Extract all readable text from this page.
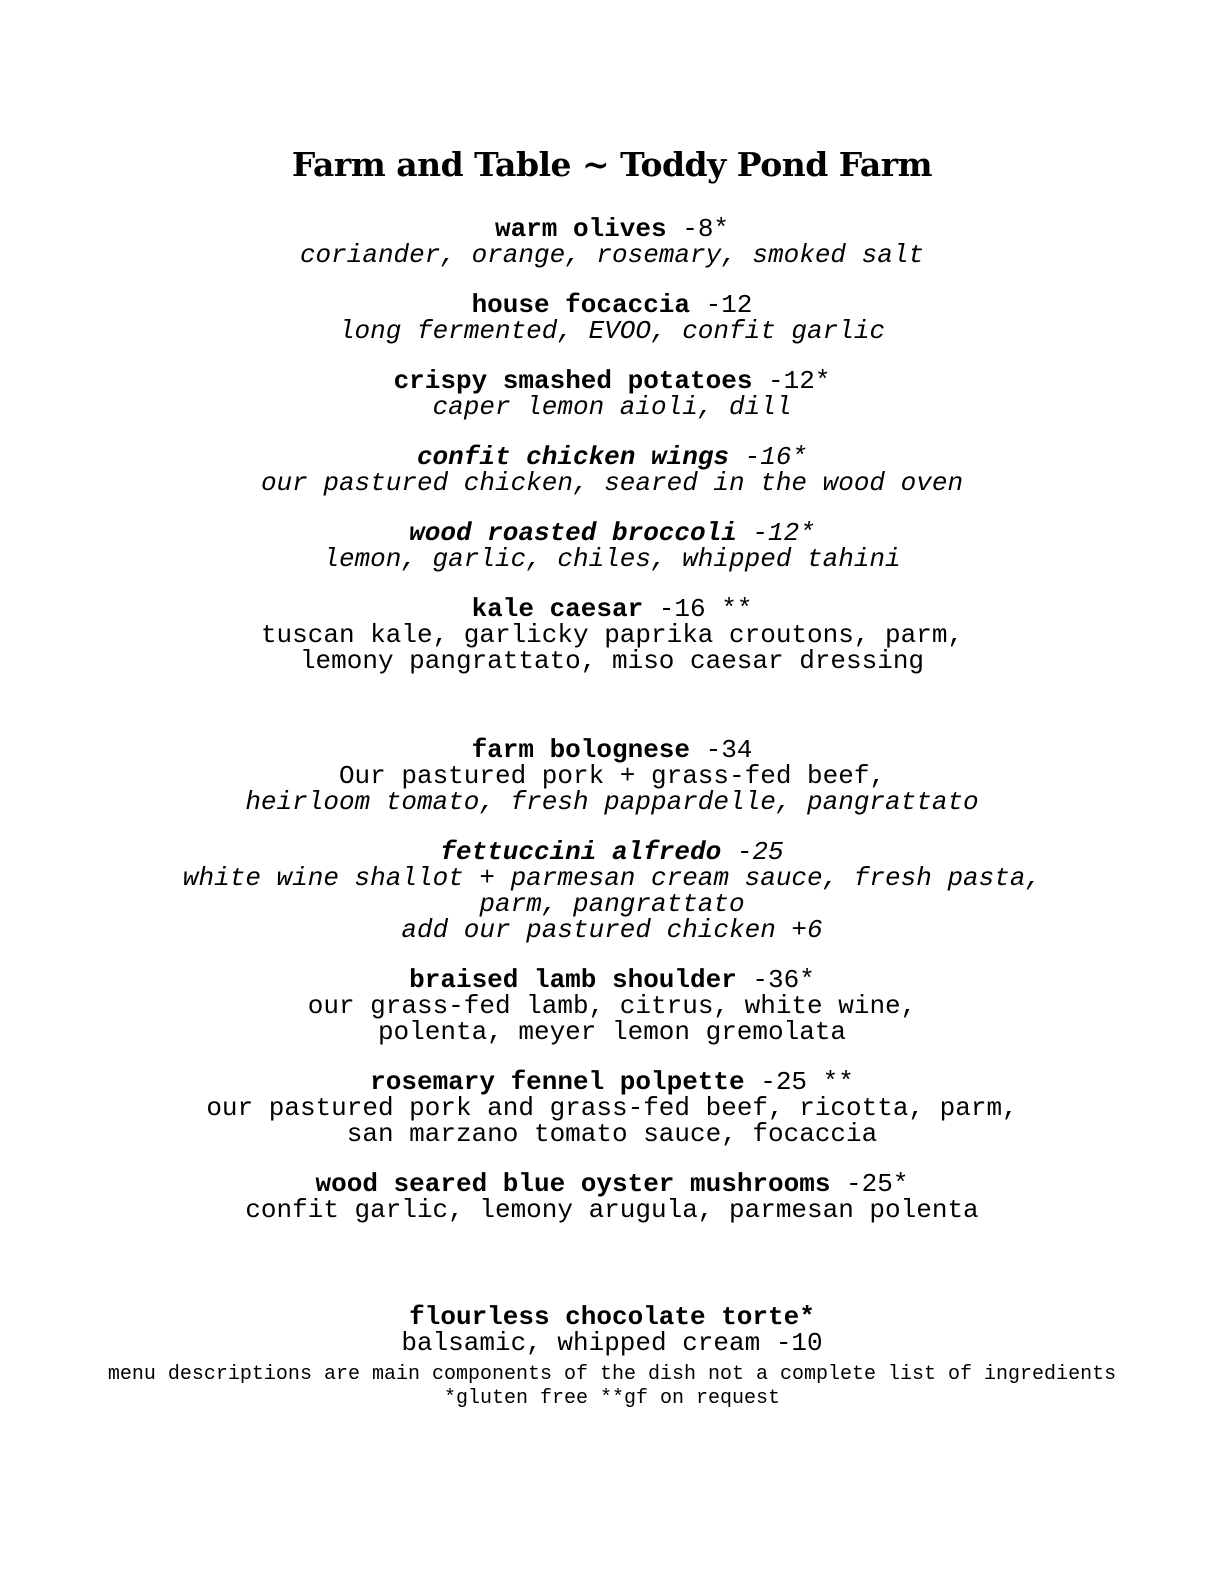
Farm and Table ~ Toddy Pond Farm
warm olives -8*
coriander, orange, rosemary, smoked salt
house focaccia -12
long fermented, EVOO, confit garlic
crispy smashed potatoes -12*
caper lemon aioli, dill
confit chicken wings -16*
our pastured chicken, seared in the wood oven
wood roasted broccoli -12*
lemon, garlic, chiles, whipped tahini
kale caesar -16 **
tuscan kale, garlicky paprika croutons, parm,
lemony pangrattato, miso caesar dressing
farm bolognese -34
Our pastured pork + grass-fed beef,
heirloom tomato, fresh pappardelle, pangrattato
fettuccini alfredo -25
white wine shallot + parmesan cream sauce, fresh pasta,
parm, pangrattato
add our pastured chicken +6
braised lamb shoulder -36*
our grass-fed lamb, citrus, white wine,
polenta, meyer lemon gremolata
rosemary fennel polpette -25 **
our pastured pork and grass-fed beef, ricotta, parm,
san marzano tomato sauce, focaccia
wood seared blue oyster mushrooms -25*
confit garlic, lemony arugula, parmesan polenta
flourless chocolate torte*
balsamic, whipped cream -10
menu descriptions are main components of the dish not a complete list of ingredients
*gluten free **gf on request
